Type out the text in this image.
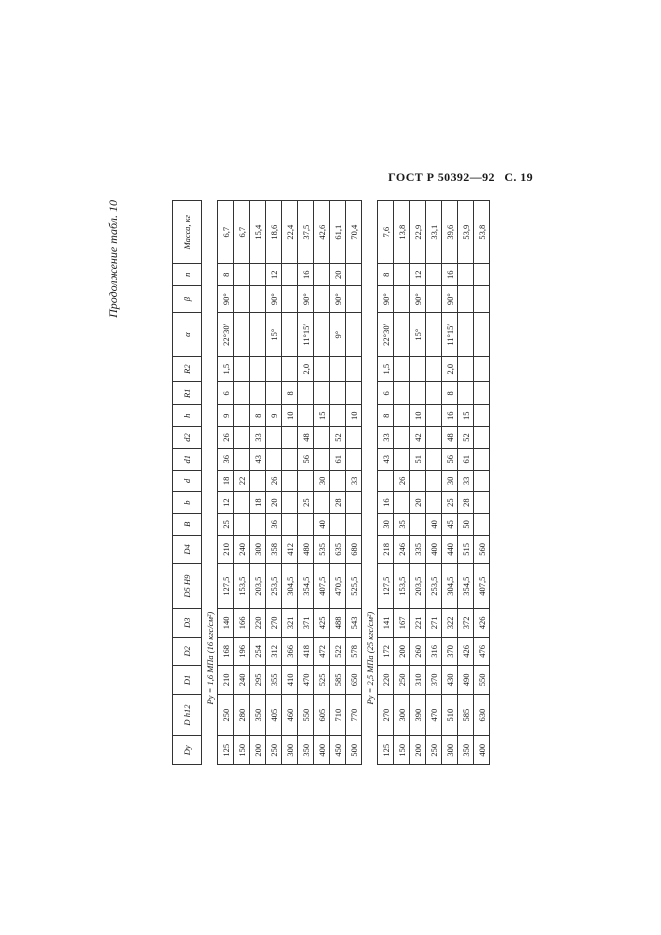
ГОСТ Р 50392—92 С. 19
Продолжение табл. 10
Dу	D h12	D1	D2	D3	D5 H9	D4	B	b	d	d1	d2	h	R1	R2	α	β	n	Масса, кг
Pу = 1,6 МПа (16 кгс/см²)																		
125	250	210	168	140	127,5	210	25	12	18	36	26	9	6	1,5	22°30′	90°	8	6,7
150	280	240	196	166	153,5	240			22									6,7
200	350	295	254	220	203,5	300		18		43	33	8						15,4
250	405	355	312	270	253,5	358	36	20	26			9			15°	90°	12	18,6
300	460	410	366	321	304,5	412						10	8					22,4
350	550	470	418	371	354,5	480		25		56	48			2,0	11°15′	90°	16	37,5
400	605	525	472	425	407,5	535	40		30			15						42,6
450	710	585	522	488	470,5	635		28		61	52				9°	90°	20	61,1
500	770	650	578	543	525,5	680			33			10						70,4
Pу = 2,5 МПа (25 кгс/см²)																		
125	270	220	172	141	127,5	218	30	16		43	33	8	6	1,5	22°30′	90°	8	7,6
150	300	250	200	167	153,5	246	35		26									13,8
200	390	310	260	221	203,5	335		20		51	42	10			15°	90°	12	22,9
250	470	370	316	271	253,5	400	40											33,1
300	510	430	370	322	304,5	440	45	25	30	56	48	16	8	2,0	11°15′	90°	16	39,6
350	585	490	426	372	354,5	515	50	28	33	61	52	15						53,9
400	630	550	476	426	407,5	560												53,8
